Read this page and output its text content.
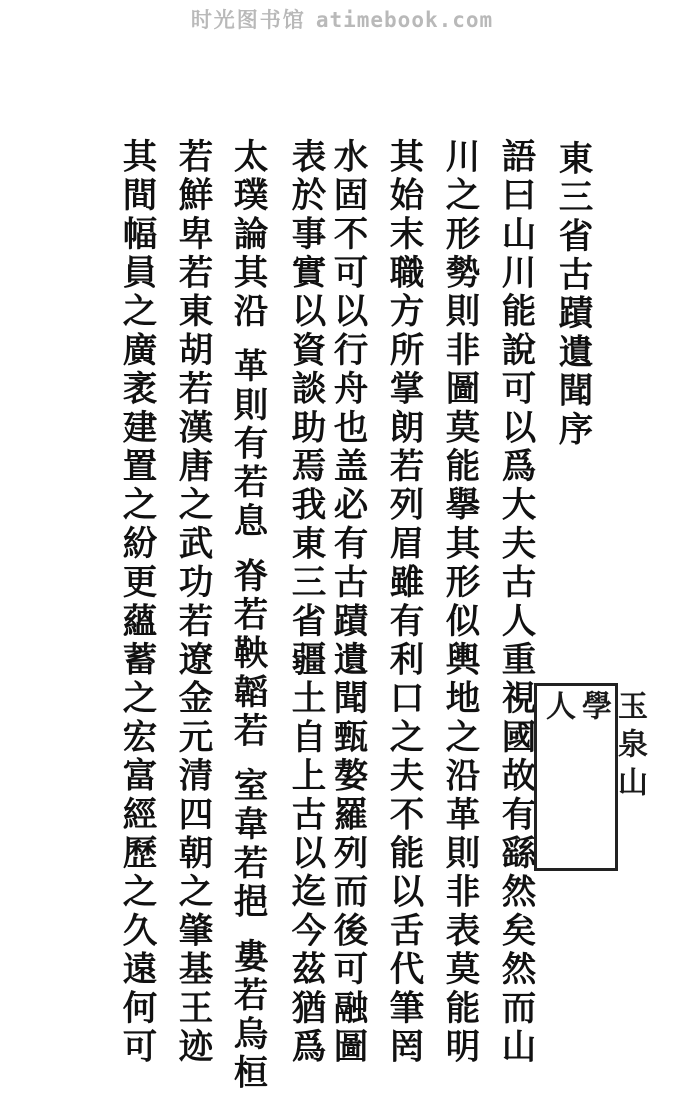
时光图书馆 atimebook.com
東三省古蹟遺聞序
語曰山川能說可以爲大夫古人重視國故有繇然矣然而山
川之形勢則非圖莫能擧其形似輿地之沿革則非表莫能明
其始末職方所掌朗若列眉雖有利口之夫不能以舌代筆罔
水固不可以行舟也盖必有古蹟遺聞甄嫯羅列而後可融圖
表於事實以資談助焉我東三省疆土自上古以迄今茲猶爲
太璞論其沿 革則有若息 脊若鞅韜若 室韋若挹 婁若烏桓
若鮮卑若東胡若漢唐之武功若遼金元清四朝之肇基王迹
其間幅員之廣袤建置之紛更蘊蓄之宏富經歷之久遠何可	玉泉山
學
人
